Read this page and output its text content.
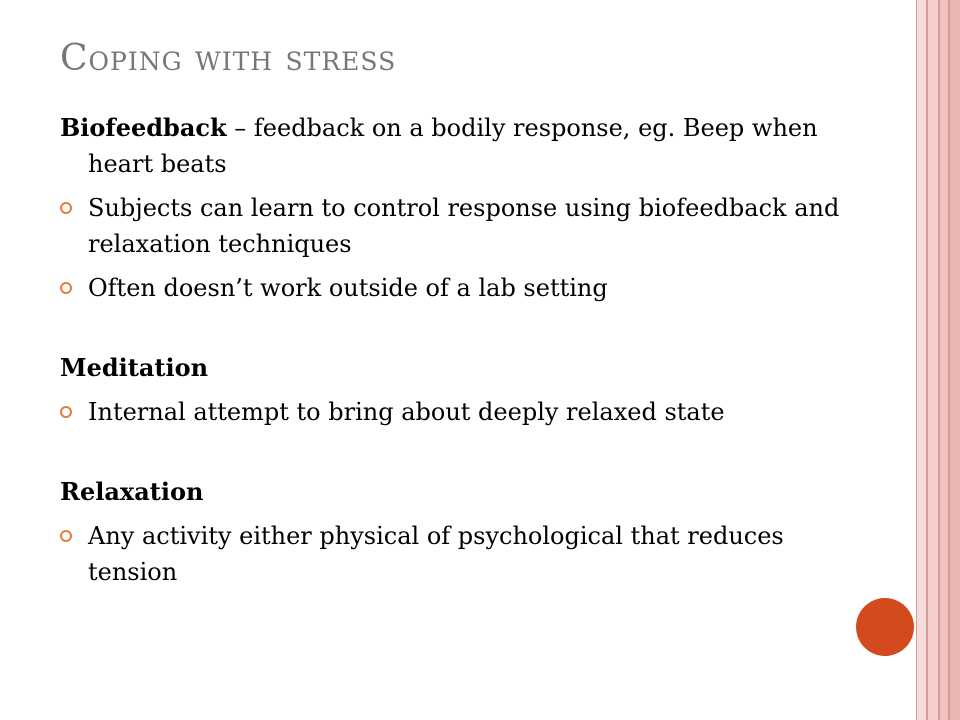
Coping with stress

Biofeedback – feedback on a bodily response, eg. Beep when heart beats

Subjects can learn to control response using biofeedback and relaxation techniques

Often doesn’t work outside of a lab setting

Meditation

Internal attempt to bring about deeply relaxed state

Relaxation

Any activity either physical of psychological that reduces tension
